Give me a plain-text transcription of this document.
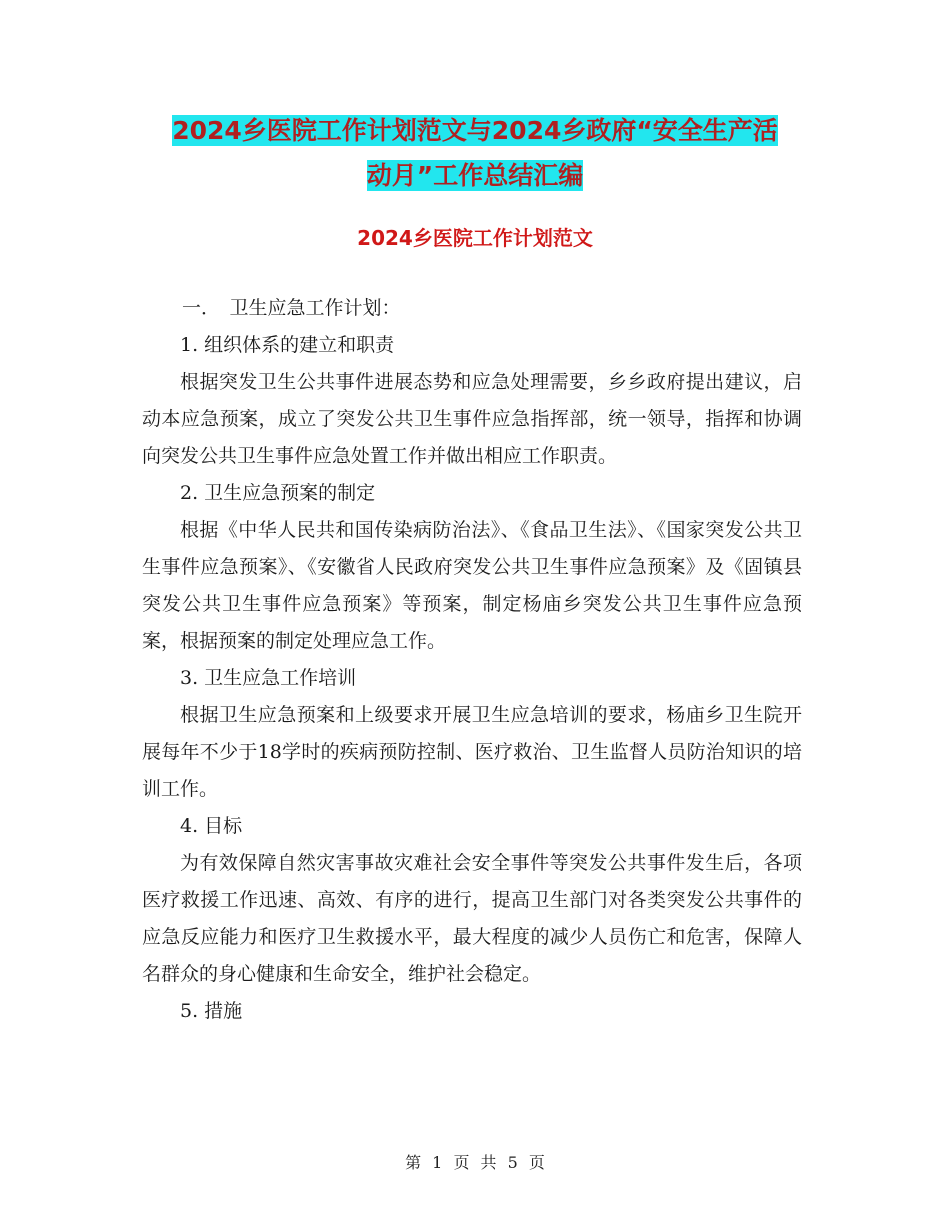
2024乡医院工作计划范文与2024乡政府“安全生产活
动月”工作总结汇编
2024乡医院工作计划范文

一．　卫生应急工作计划：

1. 组织体系的建立和职责

根据突发卫生公共事件进展态势和应急处理需要，乡乡政府提出建议，启动本应急预案，成立了突发公共卫生事件应急指挥部，统一领导，指挥和协调向突发公共卫生事件应急处置工作并做出相应工作职责。

2. 卫生应急预案的制定

根据《中华人民共和国传染病防治法》、《食品卫生法》、《国家突发公共卫生事件应急预案》、《安徽省人民政府突发公共卫生事件应急预案》及《固镇县突发公共卫生事件应急预案》等预案，制定杨庙乡突发公共卫生事件应急预案，根据预案的制定处理应急工作。

3. 卫生应急工作培训

根据卫生应急预案和上级要求开展卫生应急培训的要求，杨庙乡卫生院开展每年不少于18学时的疾病预防控制、医疗救治、卫生监督人员防治知识的培训工作。

4. 目标

为有效保障自然灾害事故灾难社会安全事件等突发公共事件发生后，各项医疗救援工作迅速、高效、有序的进行，提高卫生部门对各类突发公共事件的应急反应能力和医疗卫生救援水平，最大程度的减少人员伤亡和危害，保障人名群众的身心健康和生命安全，维护社会稳定。

5. 措施

第 1 页 共 5 页
